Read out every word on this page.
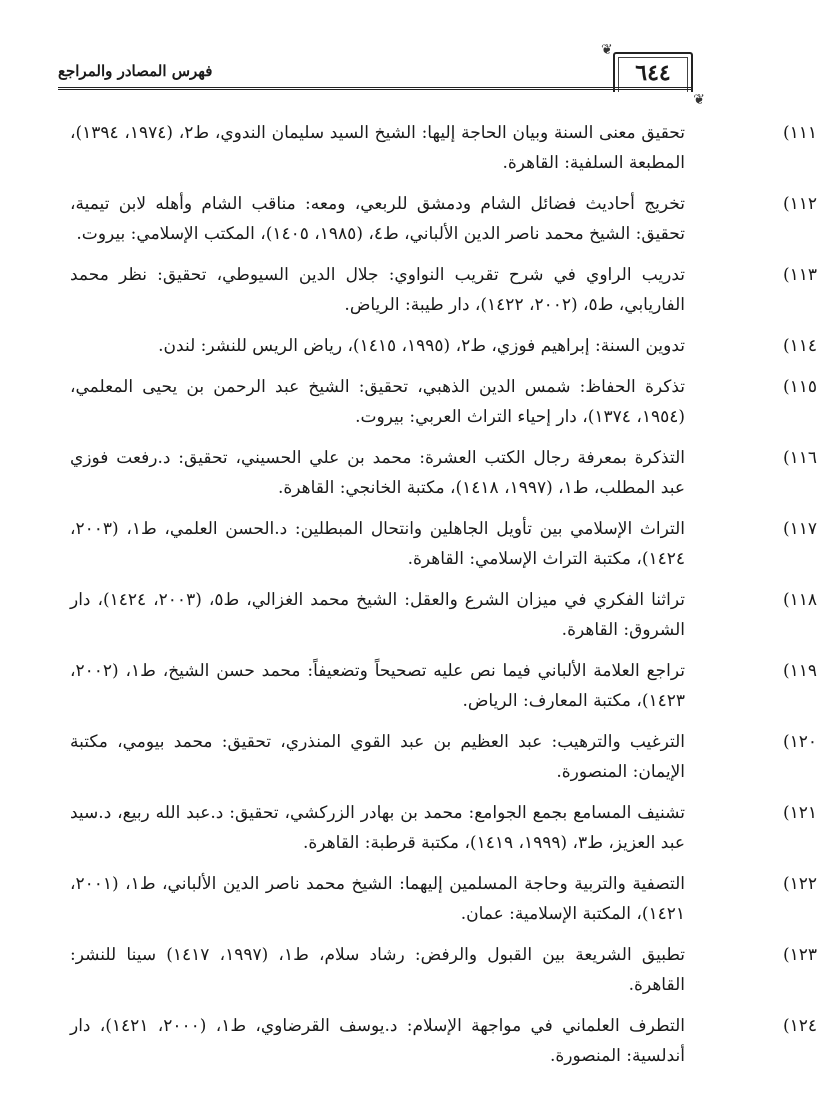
فهرس المصادر والمراجع
❦
٦٤٤
❦
١١١)
تحقيق معنى السنة وبيان الحاجة إليها: الشيخ السيد سليمان الندوي، ط٢، (١٩٧٤، ١٣٩٤)، المطبعة السلفية: القاهرة.
١١٢)
تخريج أحاديث فضائل الشام ودمشق للربعي، ومعه: مناقب الشام وأهله لابن تيمية، تحقيق: الشيخ محمد ناصر الدين الألباني، ط٤، (١٩٨٥، ١٤٠٥)، المكتب الإسلامي: بيروت.
١١٣)
تدريب الراوي في شرح تقريب النواوي: جلال الدين السيوطي، تحقيق: نظر محمد الفاريابي، ط٥، (٢٠٠٢، ١٤٢٢)، دار طيبة: الرياض.
١١٤)
تدوين السنة: إبراهيم فوزي، ط٢، (١٩٩٥، ١٤١٥)، رياض الريس للنشر: لندن.
١١٥)
تذكرة الحفاظ: شمس الدين الذهبي، تحقيق: الشيخ عبد الرحمن بن يحيى المعلمي، (١٩٥٤، ١٣٧٤)، دار إحياء التراث العربي: بيروت.
١١٦)
التذكرة بمعرفة رجال الكتب العشرة: محمد بن علي الحسيني، تحقيق: د.رفعت فوزي عبد المطلب، ط١، (١٩٩٧، ١٤١٨)، مكتبة الخانجي: القاهرة.
١١٧)
التراث الإسلامي بين تأويل الجاهلين وانتحال المبطلين: د.الحسن العلمي، ط١، (٢٠٠٣، ١٤٢٤)، مكتبة التراث الإسلامي: القاهرة.
١١٨)
تراثنا الفكري في ميزان الشرع والعقل: الشيخ محمد الغزالي، ط٥، (٢٠٠٣، ١٤٢٤)، دار الشروق: القاهرة.
١١٩)
تراجع العلامة الألباني فيما نص عليه تصحيحاً وتضعيفاً: محمد حسن الشيخ، ط١، (٢٠٠٢، ١٤٢٣)، مكتبة المعارف: الرياض.
١٢٠)
الترغيب والترهيب: عبد العظيم بن عبد القوي المنذري، تحقيق: محمد بيومي، مكتبة الإيمان: المنصورة.
١٢١)
تشنيف المسامع بجمع الجوامع: محمد بن بهادر الزركشي، تحقيق: د.عبد الله ربيع، د.سيد عبد العزيز، ط٣، (١٩٩٩، ١٤١٩)، مكتبة قرطبة: القاهرة.
١٢٢)
التصفية والتربية وحاجة المسلمين إليهما: الشيخ محمد ناصر الدين الألباني، ط١، (٢٠٠١، ١٤٢١)، المكتبة الإسلامية: عمان.
١٢٣)
تطبيق الشريعة بين القبول والرفض: رشاد سلام، ط١، (١٩٩٧، ١٤١٧) سينا للنشر: القاهرة.
١٢٤)
التطرف العلماني في مواجهة الإسلام: د.يوسف القرضاوي، ط١، (٢٠٠٠، ١٤٢١)، دار أندلسية: المنصورة.
